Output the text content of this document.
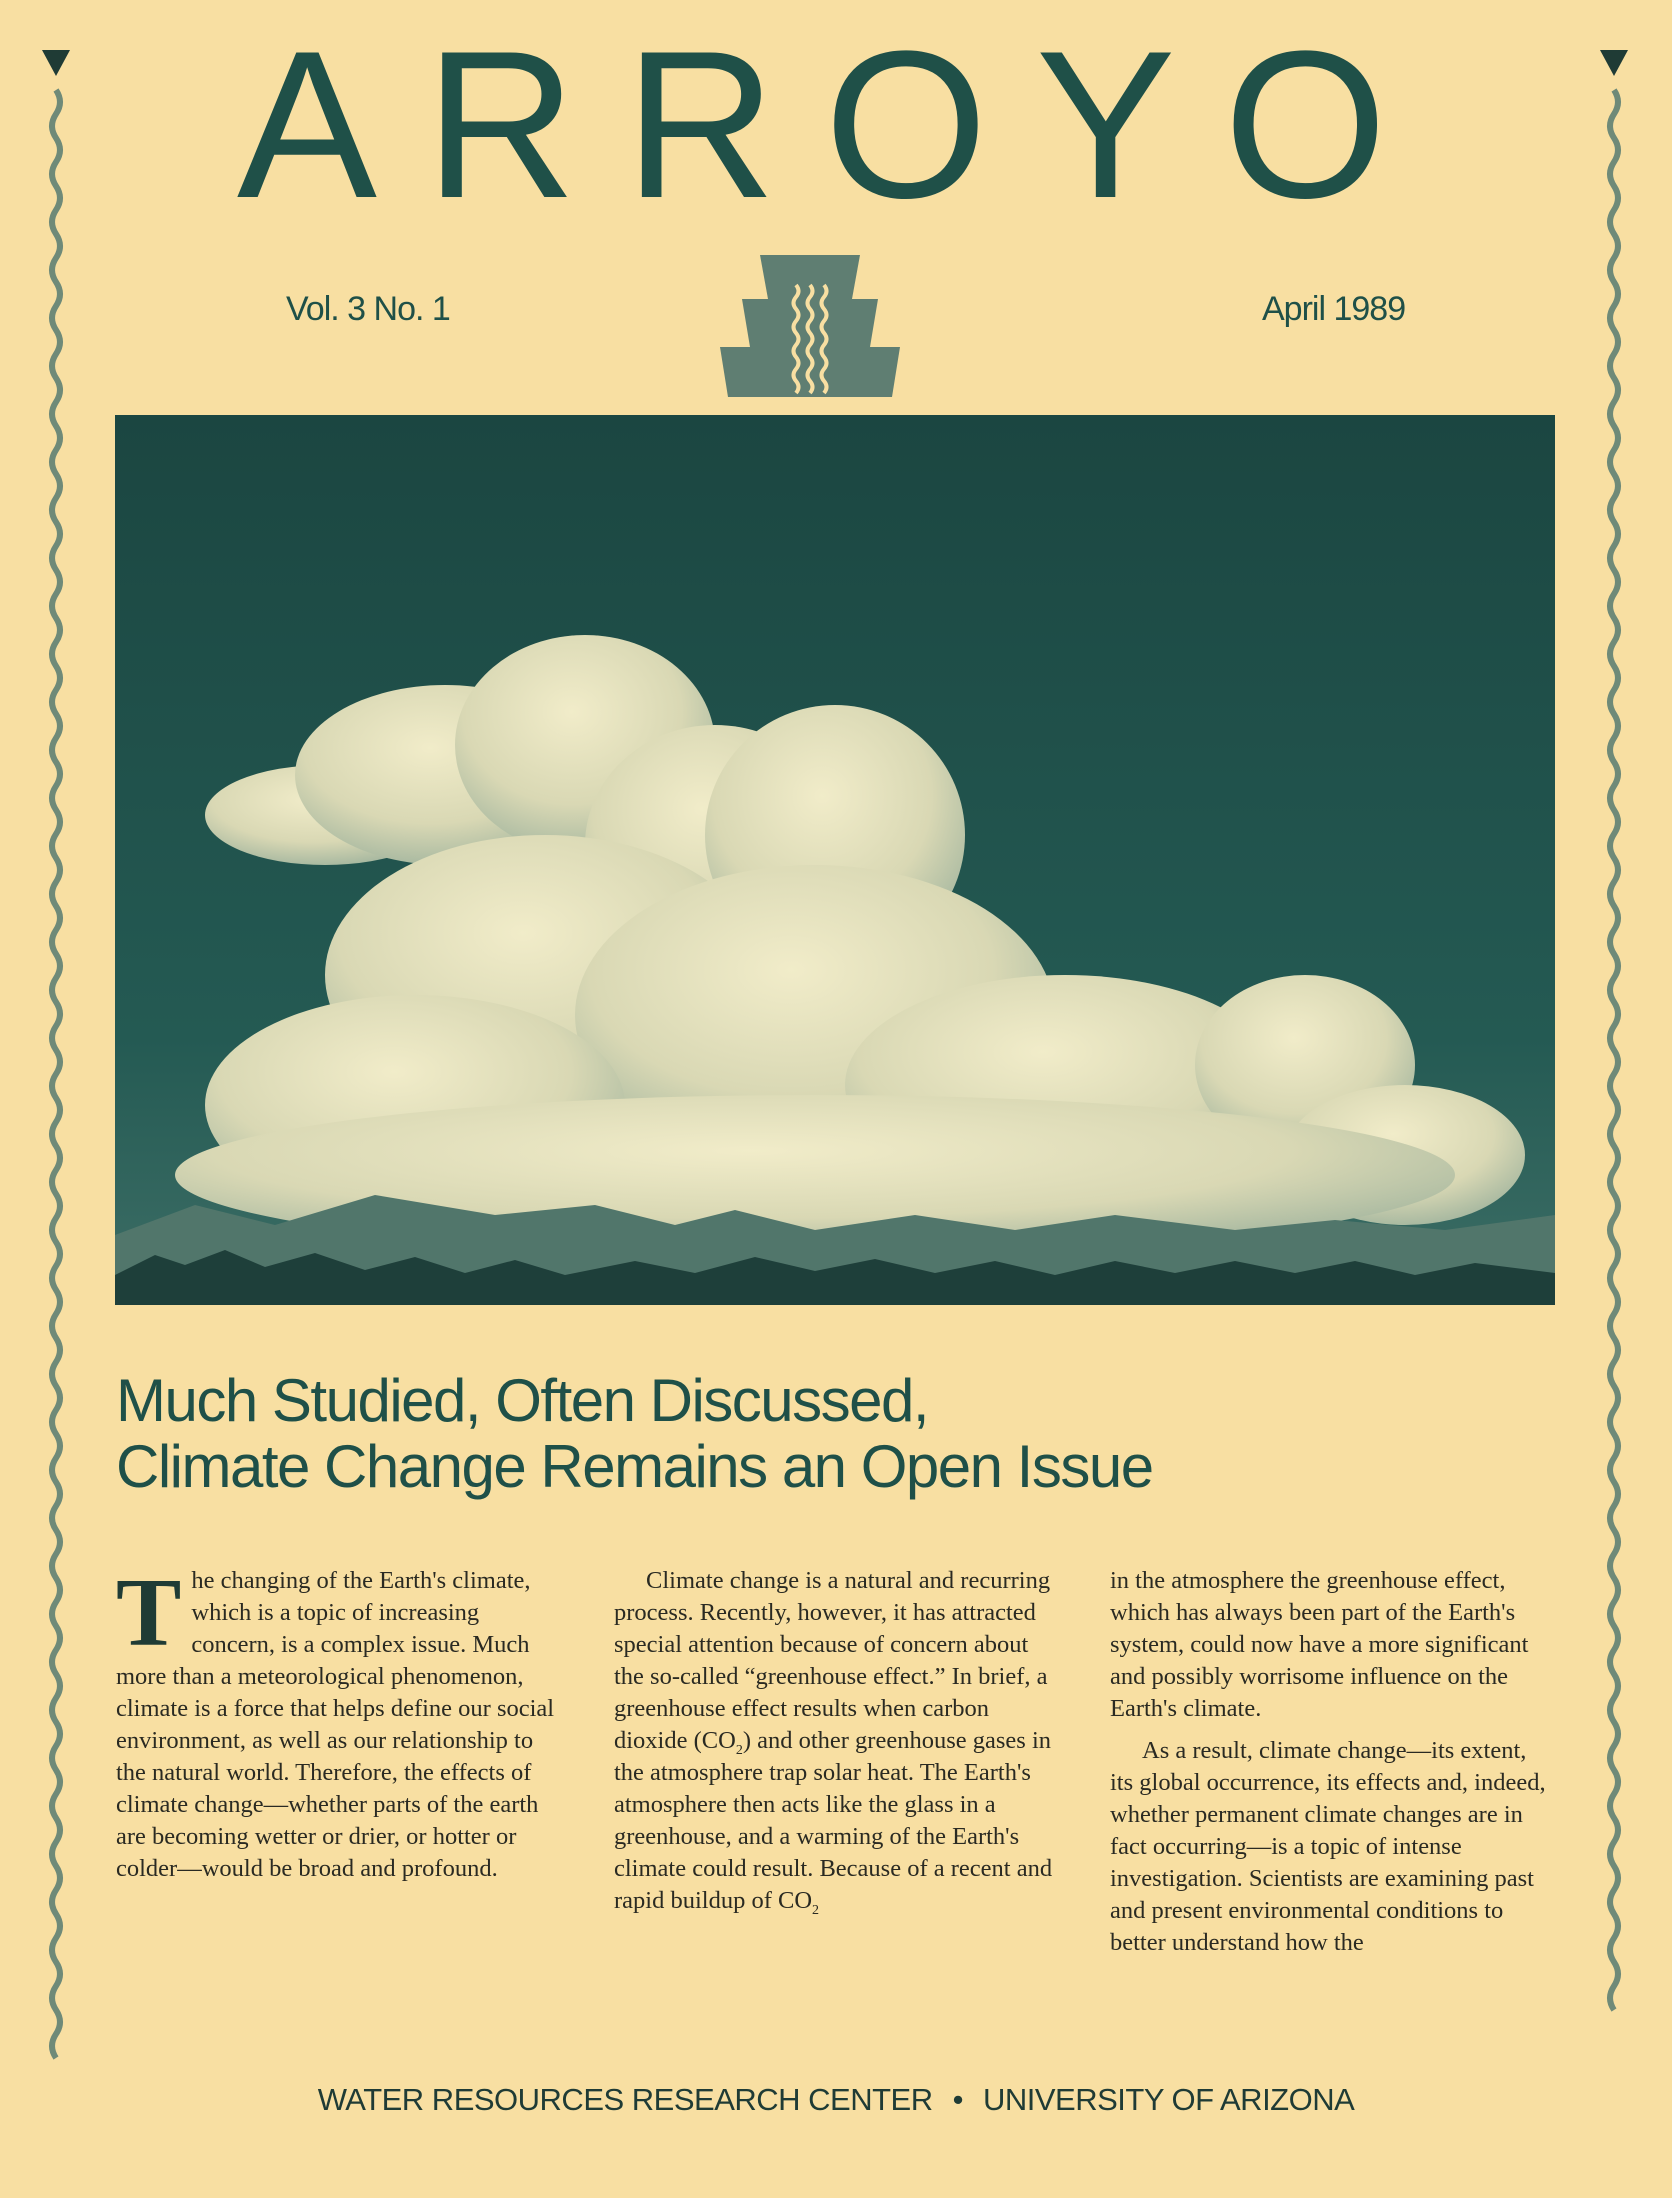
ARROYO
Vol. 3 No. 1	April 1989
Much Studied, Often Discussed,
Climate Change Remains an Open Issue

The changing of the Earth's climate, which is a topic of increasing concern, is a complex issue. Much more than a meteorological phenomenon, climate is a force that helps define our social environment, as well as our relationship to the natural world. Therefore, the effects of climate change—whether parts of the earth are becoming wetter or drier, or hotter or colder—would be broad and profound.

Climate change is a natural and recurring process. Recently, however, it has attracted special attention because of concern about the so-called “greenhouse effect.” In brief, a greenhouse effect results when carbon dioxide $(CO_2)$ and other greenhouse gases in the atmosphere trap solar heat. The Earth's atmosphere then acts like the glass in a greenhouse, and a warming of the Earth's climate could result. Because of a recent and rapid buildup of $CO_2$

in the atmosphere the greenhouse effect, which has always been part of the Earth's system, could now have a more significant and possibly worrisome influence on the Earth's climate.

As a result, climate change—its extent, its global occurrence, its effects and, indeed, whether permanent climate changes are in fact occurring—is a topic of intense investigation. Scientists are examining past and present environmental conditions to better understand how the

WATER RESOURCES RESEARCH CENTER • UNIVERSITY OF ARIZONA
